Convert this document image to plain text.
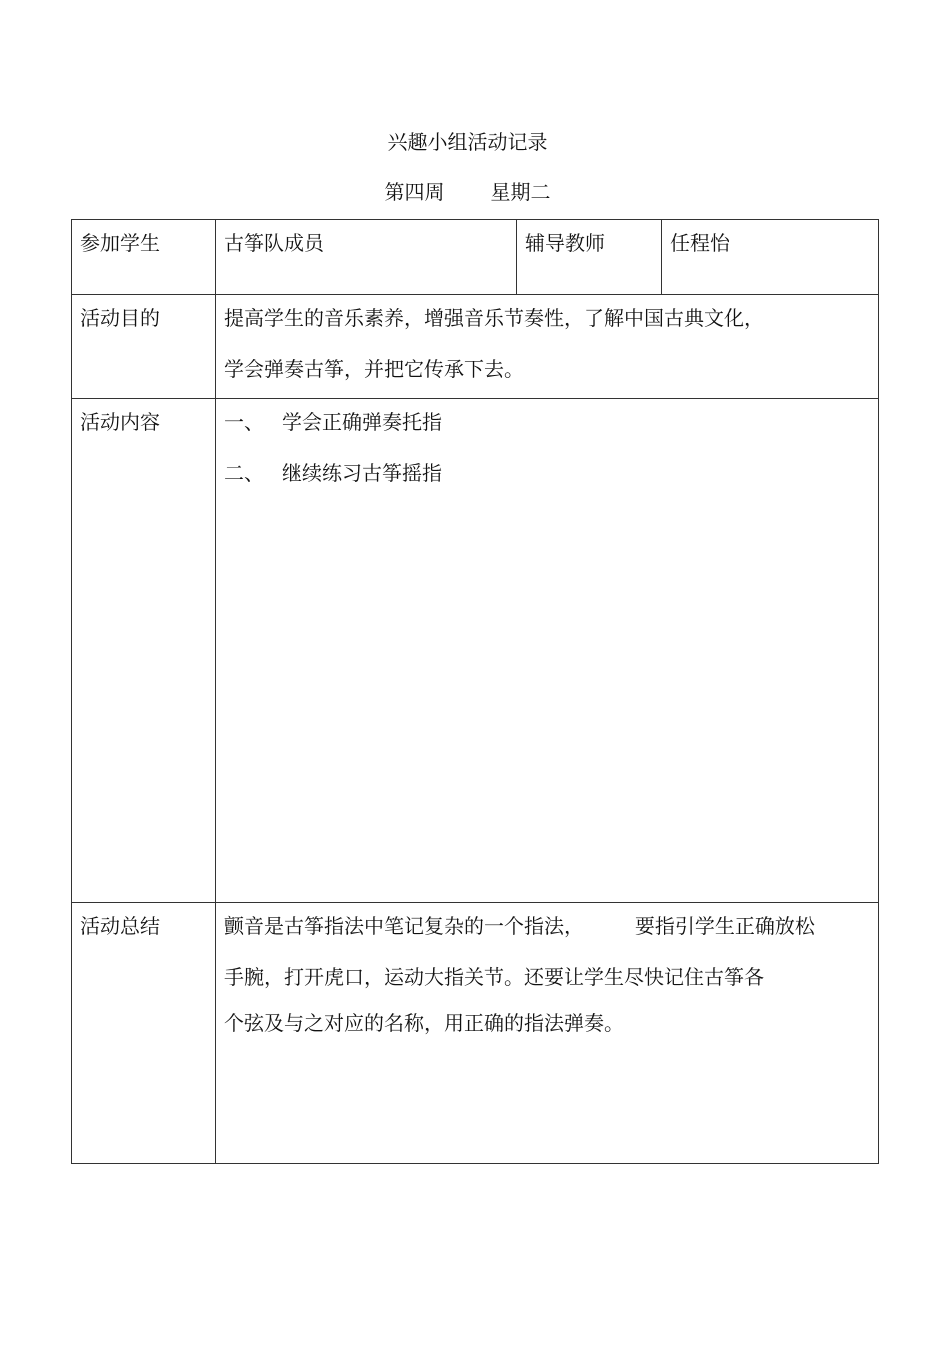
兴趣小组活动记录
第四周 星期二
参加学生	古筝队成员	辅导教师	任程怡

活动目的	提高学生的音乐素养，增强音乐节奏性，了解中国古典文化，
学会弹奏古筝，并把它传承下去。		

活动内容	一、 学会正确弹奏托指
二、 继续练习古筝摇指		

活动总结	颤音是古筝指法中笔记复杂的一个指法，        要指引学生正确放松
手腕，打开虎口，运动大指关节。还要让学生尽快记住古筝各
个弦及与之对应的名称，用正确的指法弹奏。		
